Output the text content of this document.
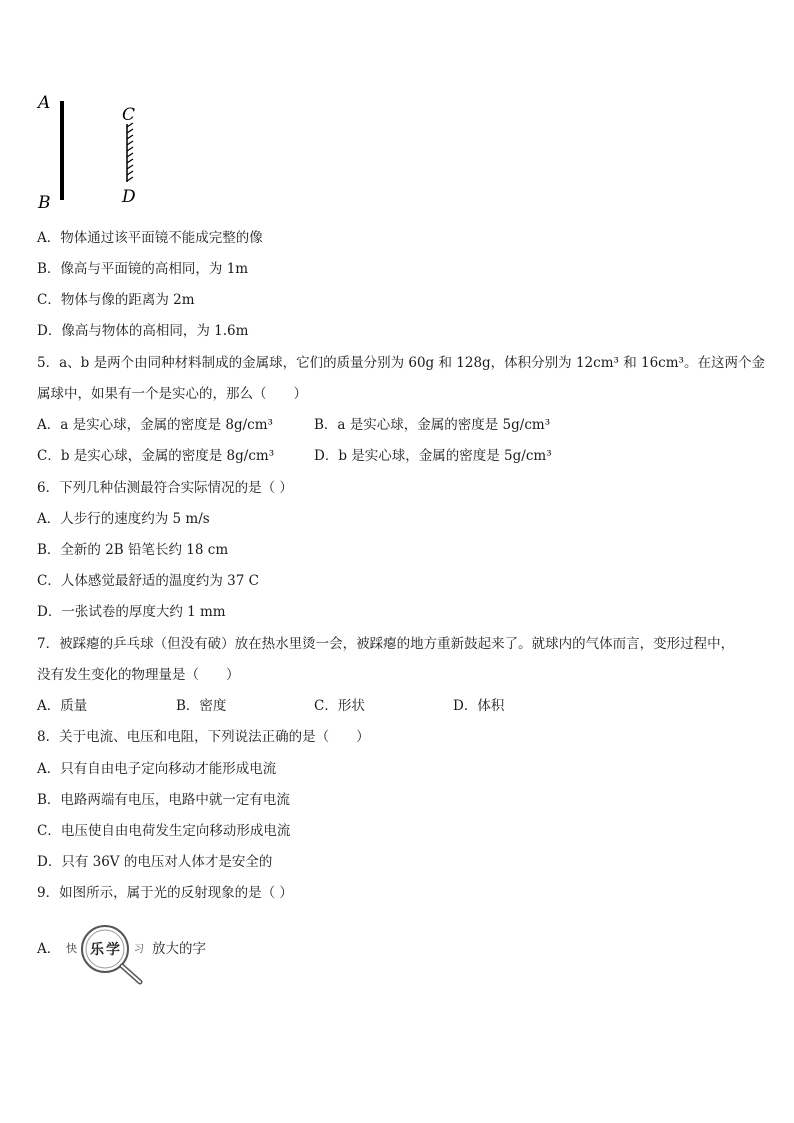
A
B
C
D
A．物体通过该平面镜不能成完整的像
B．像高与平面镜的高相同，为 1m
C．物体与像的距离为 2m
D．像高与物体的高相同，为 1.6m
5．a、b 是两个由同种材料制成的金属球，它们的质量分别为 60g 和 128g，体积分别为 12cm³ 和 16cm³。在这两个金
属球中，如果有一个是实心的，那么（　　）
A．a 是实心球，金属的密度是 8g/cm³	B．a 是实心球，金属的密度是 5g/cm³
C．b 是实心球，金属的密度是 8g/cm³	D．b 是实心球，金属的密度是 5g/cm³
6．下列几种估测最符合实际情况的是（ ）
A．人步行的速度约为 5 m/s
B．全新的 2B 铅笔长约 18 cm
C．人体感觉最舒适的温度约为 37 C
D．一张试卷的厚度大约 1 mm
7．被踩瘪的乒乓球（但没有破）放在热水里烫一会，被踩瘪的地方重新鼓起来了。就球内的气体而言，变形过程中，
没有发生变化的物理量是（　　）
A．质量	B．密度	C．形状	D．体积
8．关于电流、电压和电阻，下列说法正确的是（　　）
A．只有自由电子定向移动才能形成电流
B．电路两端有电压，电路中就一定有电流
C．电压使自由电荷发生定向移动形成电流
D．只有 36V 的电压对人体才是安全的
9．如图所示，属于光的反射现象的是（ ）
A． 快 乐 学 习 放大的字
